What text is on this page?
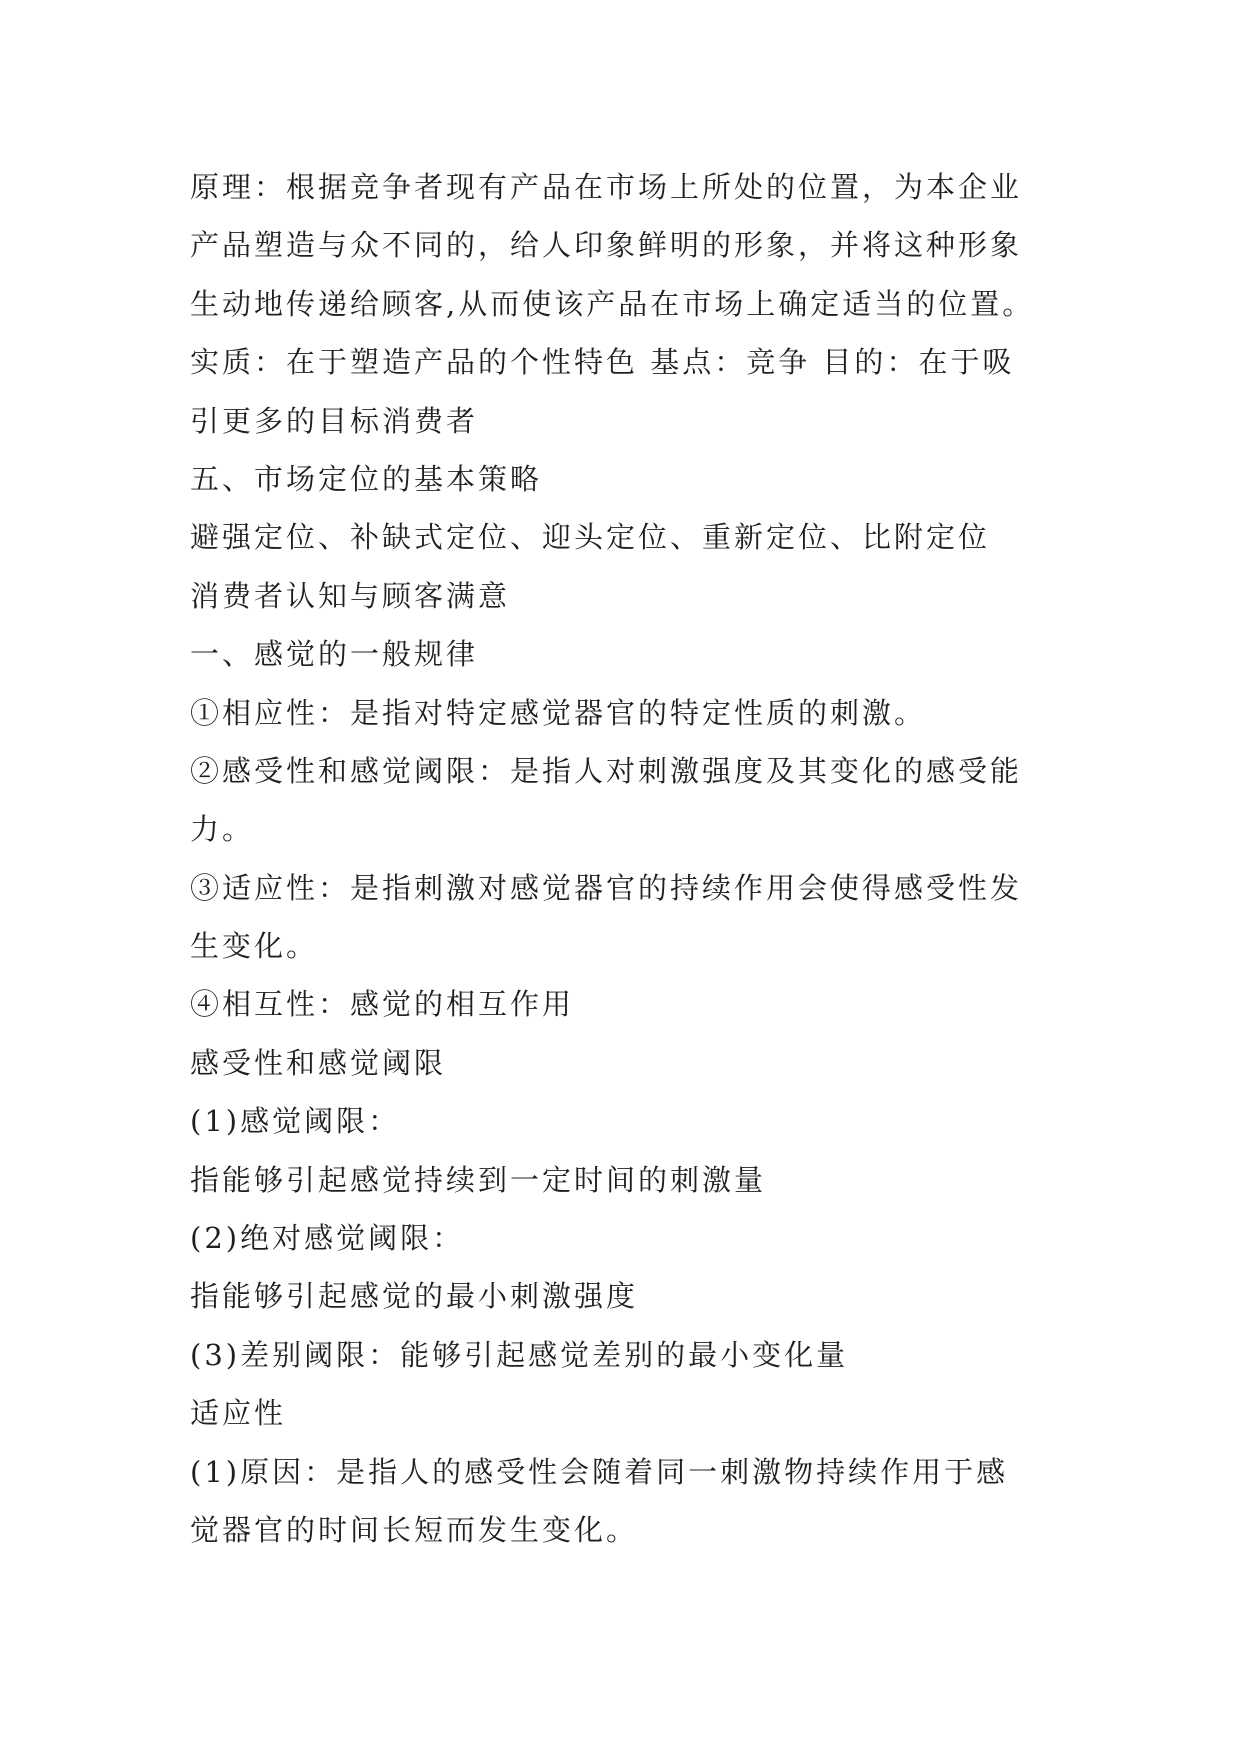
原理：根据竞争者现有产品在市场上所处的位置，为本企业

产品塑造与众不同的，给人印象鲜明的形象，并将这种形象

生动地传递给顾客,从而使该产品在市场上确定适当的位置。

实质：在于塑造产品的个性特色 基点：竞争 目的：在于吸

引更多的目标消费者

五、市场定位的基本策略

避强定位、补缺式定位、迎头定位、重新定位、比附定位

消费者认知与顾客满意

一、感觉的一般规律

①相应性：是指对特定感觉器官的特定性质的刺激。

②感受性和感觉阈限：是指人对刺激强度及其变化的感受能

力。

③适应性：是指刺激对感觉器官的持续作用会使得感受性发

生变化。

④相互性：感觉的相互作用

感受性和感觉阈限

(1)感觉阈限：

指能够引起感觉持续到一定时间的刺激量

(2)绝对感觉阈限：

指能够引起感觉的最小刺激强度

(3)差别阈限：能够引起感觉差别的最小变化量

适应性

(1)原因：是指人的感受性会随着同一刺激物持续作用于感

觉器官的时间长短而发生变化。
